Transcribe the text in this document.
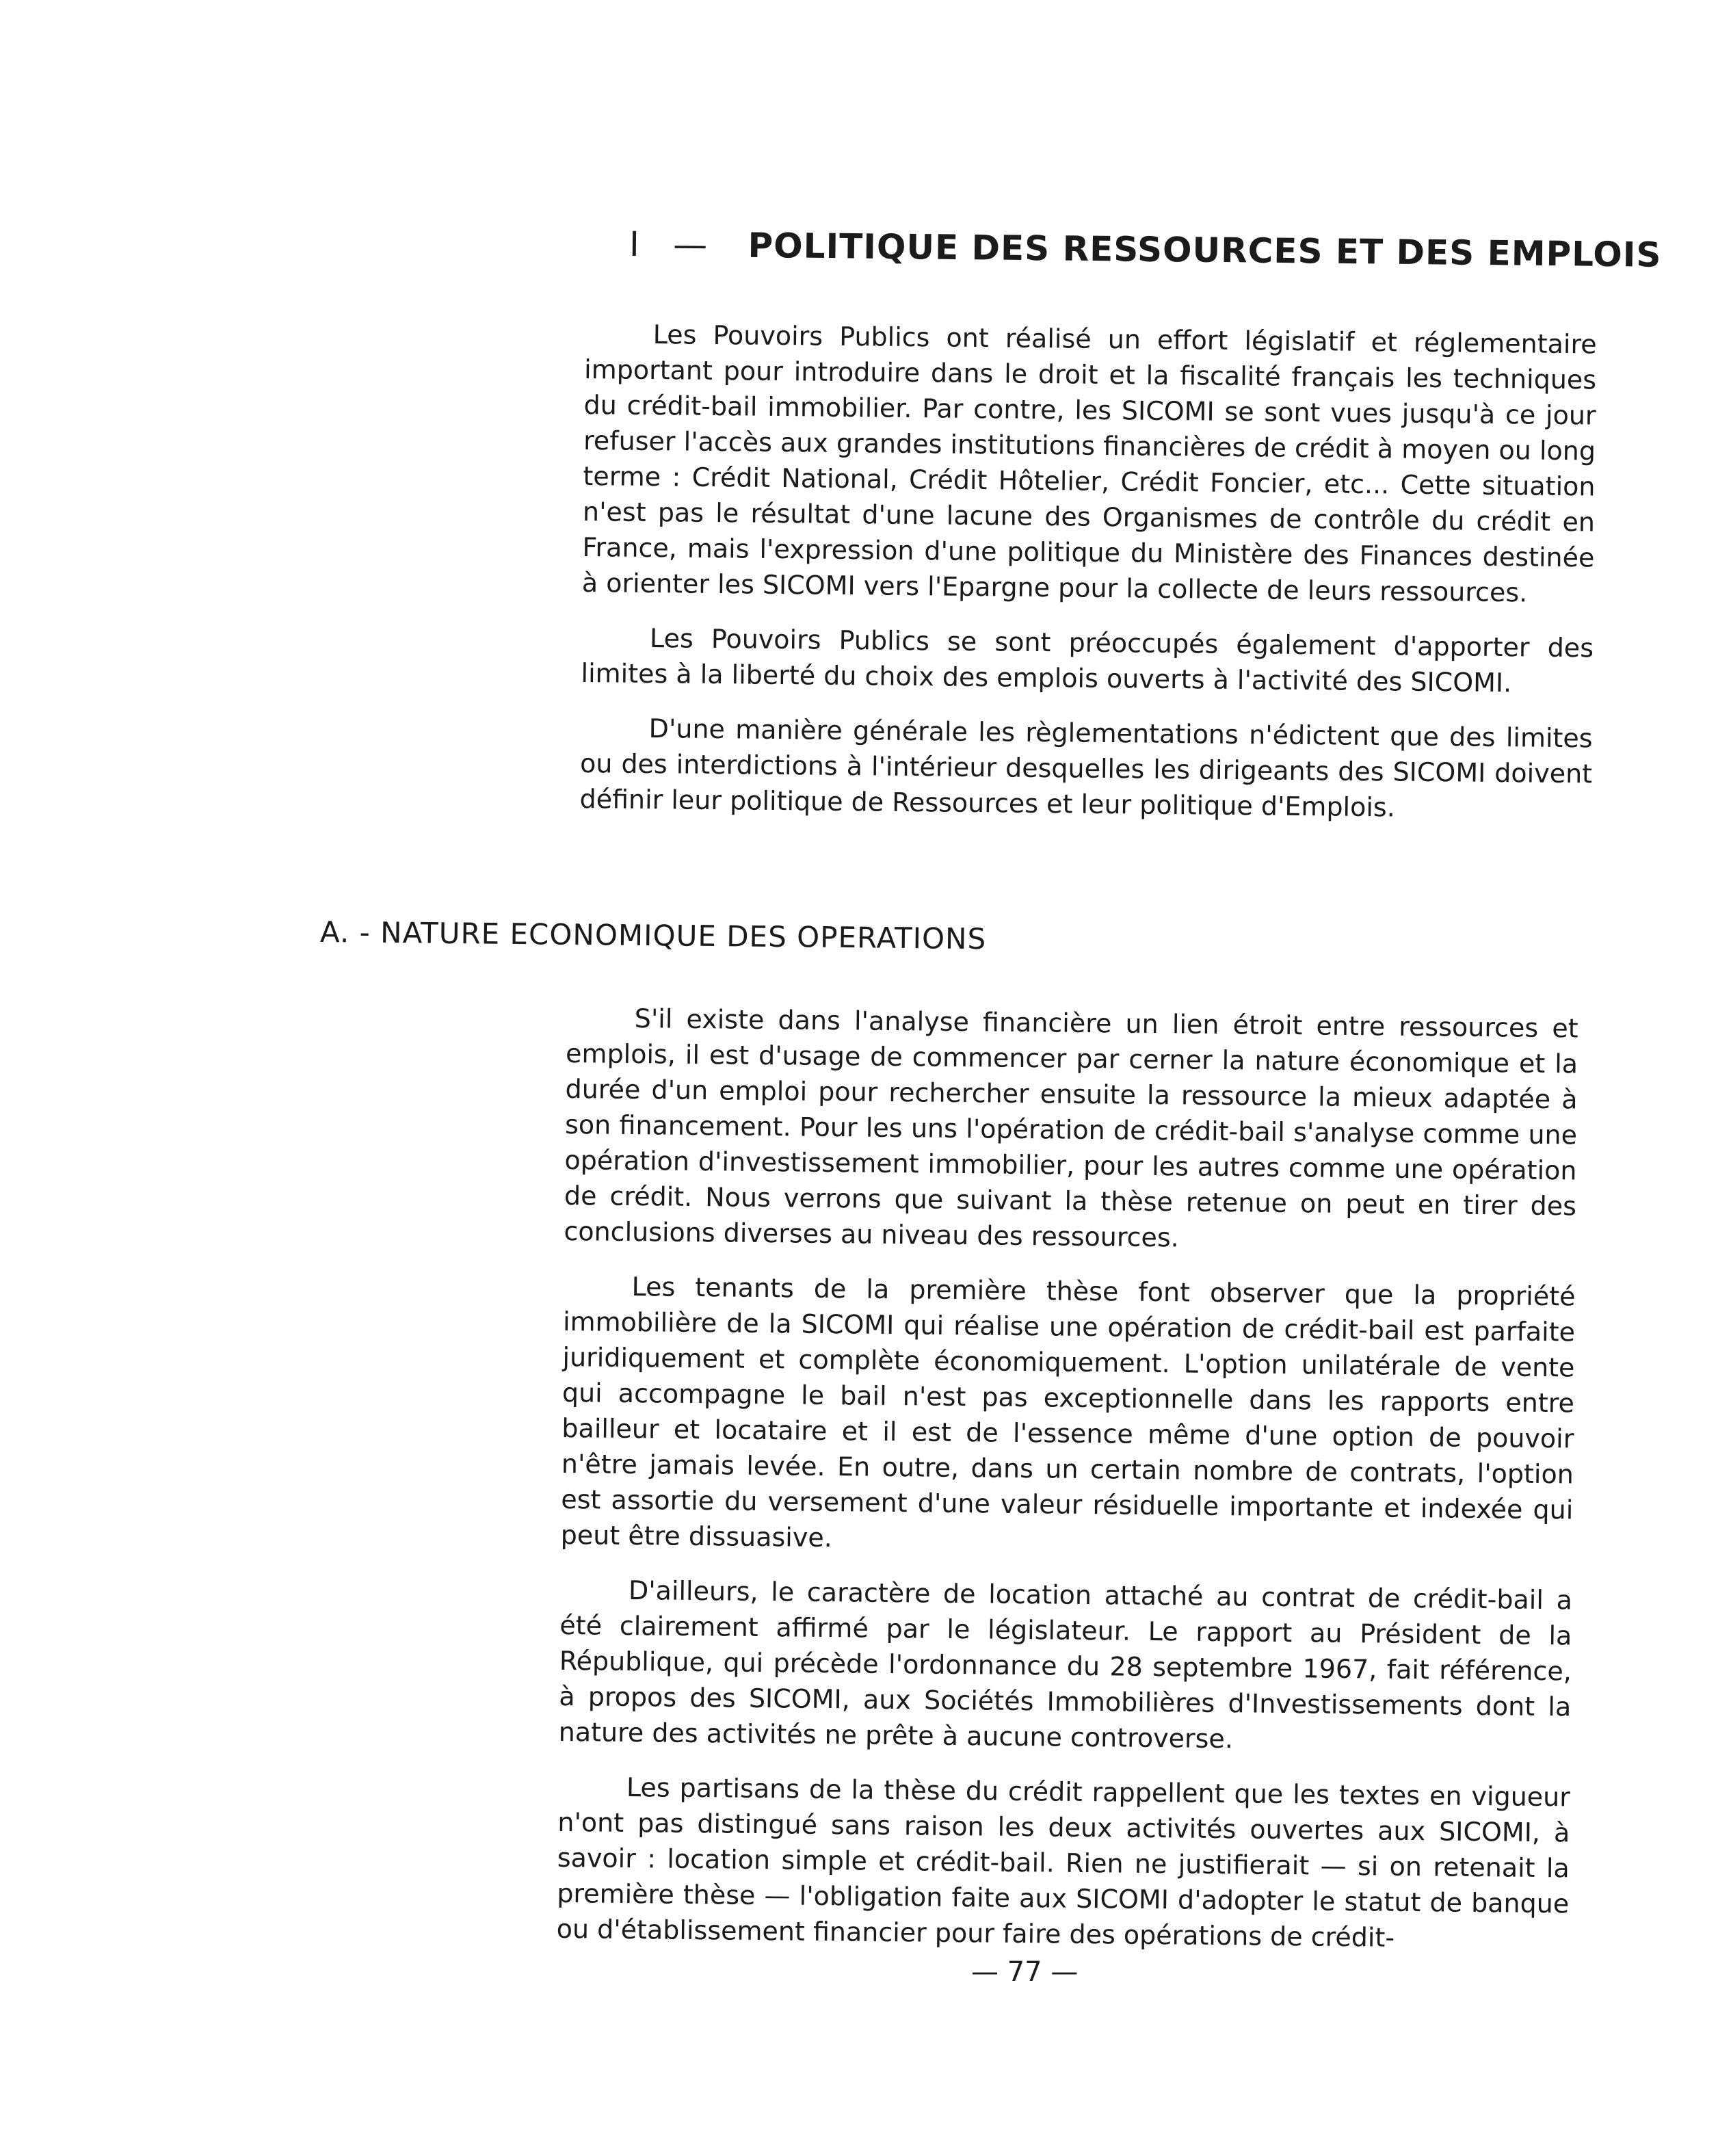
I — POLITIQUE DES RESSOURCES ET DES EMPLOIS

Les Pouvoirs Publics ont réalisé un effort législatif et réglementaire important pour introduire dans le droit et la fiscalité français les techniques du crédit-bail immobilier. Par contre, les SICOMI se sont vues jusqu'à ce jour refuser l'accès aux grandes institutions financières de crédit à moyen ou long terme : Crédit National, Crédit Hôtelier, Crédit Foncier, etc... Cette situation n'est pas le résultat d'une lacune des Organismes de contrôle du crédit en France, mais l'expression d'une politique du Ministère des Finances destinée à orienter les SICOMI vers l'Epargne pour la collecte de leurs ressources.

Les Pouvoirs Publics se sont préoccupés également d'apporter des limites à la liberté du choix des emplois ouverts à l'activité des SICOMI.

D'une manière générale les règlementations n'édictent que des limites ou des interdictions à l'intérieur desquelles les dirigeants des SICOMI doivent définir leur politique de Ressources et leur politique d'Emplois.

A. - NATURE ECONOMIQUE DES OPERATIONS

S'il existe dans l'analyse financière un lien étroit entre ressources et emplois, il est d'usage de commencer par cerner la nature économique et la durée d'un emploi pour rechercher ensuite la ressource la mieux adaptée à son financement. Pour les uns l'opération de crédit-bail s'analyse comme une opération d'investissement immobilier, pour les autres comme une opération de crédit. Nous verrons que suivant la thèse retenue on peut en tirer des conclusions diverses au niveau des ressources.

Les tenants de la première thèse font observer que la propriété immobilière de la SICOMI qui réalise une opération de crédit-bail est parfaite juridiquement et complète économiquement. L'option unilatérale de vente qui accompagne le bail n'est pas exceptionnelle dans les rapports entre bailleur et locataire et il est de l'essence même d'une option de pouvoir n'être jamais levée. En outre, dans un certain nombre de contrats, l'option est assortie du versement d'une valeur résiduelle importante et indexée qui peut être dissuasive.

D'ailleurs, le caractère de location attaché au contrat de crédit-bail a été clairement affirmé par le législateur. Le rapport au Président de la République, qui précède l'ordonnance du 28 septembre 1967, fait référence, à propos des SICOMI, aux Sociétés Immobilières d'Investissements dont la nature des activités ne prête à aucune controverse.

Les partisans de la thèse du crédit rappellent que les textes en vigueur n'ont pas distingué sans raison les deux activités ouvertes aux SICOMI, à savoir : location simple et crédit-bail. Rien ne justifierait — si on retenait la première thèse — l'obligation faite aux SICOMI d'adopter le statut de banque ou d'établissement financier pour faire des opérations de crédit-

— 77 —
